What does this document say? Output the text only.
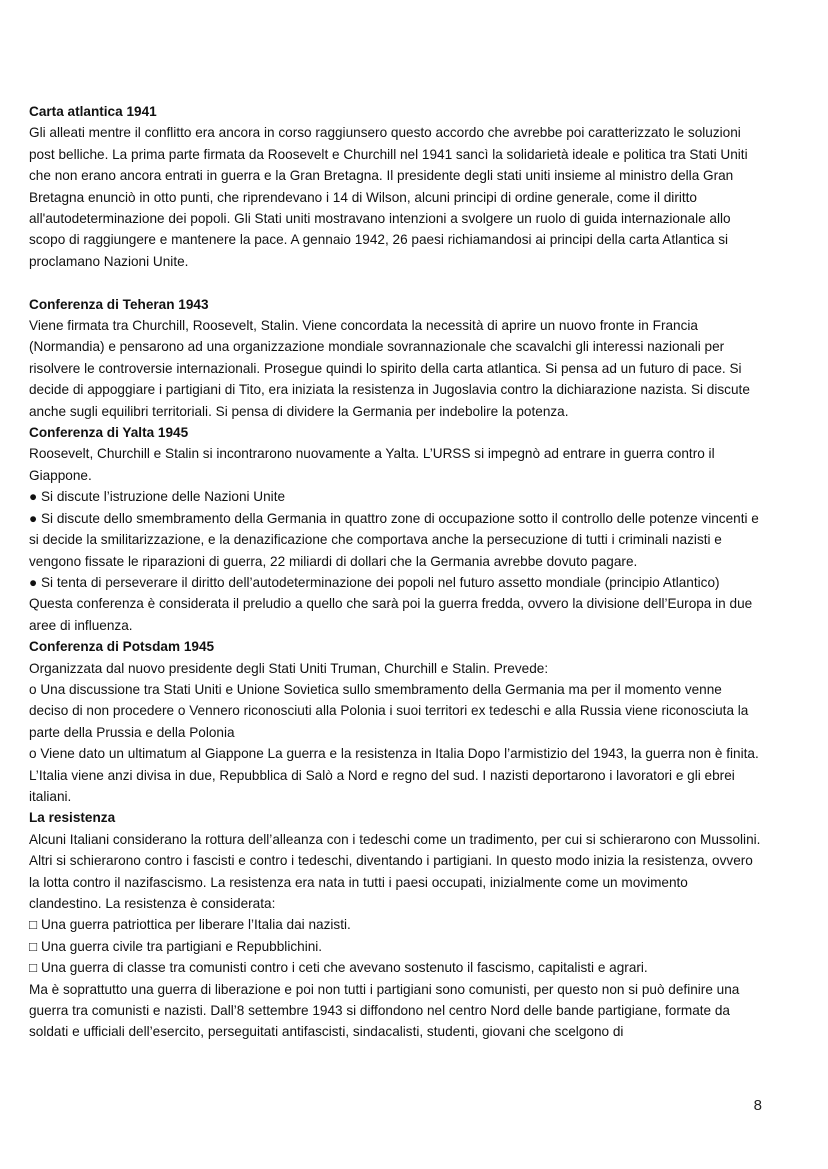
Carta atlantica 1941

Gli alleati mentre il conflitto era ancora in corso raggiunsero questo accordo che avrebbe poi caratterizzato le soluzioni post belliche. La prima parte firmata da Roosevelt e Churchill nel 1941 sancì la solidarietà ideale e politica tra Stati Uniti che non erano ancora entrati in guerra e la Gran Bretagna. Il presidente degli stati uniti insieme al ministro della Gran Bretagna enunciò in otto punti, che riprendevano i 14 di Wilson, alcuni principi di ordine generale, come il diritto all'autodeterminazione dei popoli. Gli Stati uniti mostravano intenzioni a svolgere un ruolo di guida internazionale allo scopo di raggiungere e mantenere la pace. A gennaio 1942, 26 paesi richiamandosi ai principi della carta Atlantica si proclamano Nazioni Unite.

Conferenza di Teheran 1943

Viene firmata tra Churchill, Roosevelt, Stalin. Viene concordata la necessità di aprire un nuovo fronte in Francia (Normandia) e pensarono ad una organizzazione mondiale sovrannazionale che scavalchi gli interessi nazionali per risolvere le controversie internazionali. Prosegue quindi lo spirito della carta atlantica. Si pensa ad un futuro di pace. Si decide di appoggiare i partigiani di Tito, era iniziata la resistenza in Jugoslavia contro la dichiarazione nazista. Si discute anche sugli equilibri territoriali. Si pensa di dividere la Germania per indebolire la potenza.

Conferenza di Yalta 1945

Roosevelt, Churchill e Stalin si incontrarono nuovamente a Yalta. L’URSS si impegnò ad entrare in guerra contro il Giappone.

● Si discute l’istruzione delle Nazioni Unite

● Si discute dello smembramento della Germania in quattro zone di occupazione sotto il controllo delle potenze vincenti e si decide la smilitarizzazione, e la denazificazione che comportava anche la persecuzione di tutti i criminali nazisti e vengono fissate le riparazioni di guerra, 22 miliardi di dollari che la Germania avrebbe dovuto pagare.

● Si tenta di perseverare il diritto dell’autodeterminazione dei popoli nel futuro assetto mondiale (principio Atlantico) Questa conferenza è considerata il preludio a quello che sarà poi la guerra fredda, ovvero la divisione dell’Europa in due aree di influenza.

Conferenza di Potsdam 1945

Organizzata dal nuovo presidente degli Stati Uniti Truman, Churchill e Stalin. Prevede:

o Una discussione tra Stati Uniti e Unione Sovietica sullo smembramento della Germania ma per il momento venne deciso di non procedere o Vennero riconosciuti alla Polonia i suoi territori ex tedeschi e alla Russia viene riconosciuta la parte della Prussia e della Polonia

o Viene dato un ultimatum al Giappone La guerra e la resistenza in Italia Dopo l’armistizio del 1943, la guerra non è finita. L’Italia viene anzi divisa in due, Repubblica di Salò a Nord e regno del sud. I nazisti deportarono i lavoratori e gli ebrei italiani.

La resistenza

Alcuni Italiani considerano la rottura dell’alleanza con i tedeschi come un tradimento, per cui si schierarono con Mussolini. Altri si schierarono contro i fascisti e contro i tedeschi, diventando i partigiani. In questo modo inizia la resistenza, ovvero la lotta contro il nazifascismo. La resistenza era nata in tutti i paesi occupati, inizialmente come un movimento clandestino. La resistenza è considerata:

□ Una guerra patriottica per liberare l’Italia dai nazisti.

□ Una guerra civile tra partigiani e Repubblichini.

□ Una guerra di classe tra comunisti contro i ceti che avevano sostenuto il fascismo, capitalisti e agrari.

Ma è soprattutto una guerra di liberazione e poi non tutti i partigiani sono comunisti, per questo non si può definire una guerra tra comunisti e nazisti. Dall’8 settembre 1943 si diffondono nel centro Nord delle bande partigiane, formate da soldati e ufficiali dell’esercito, perseguitati antifascisti, sindacalisti, studenti, giovani che scelgono di

8
